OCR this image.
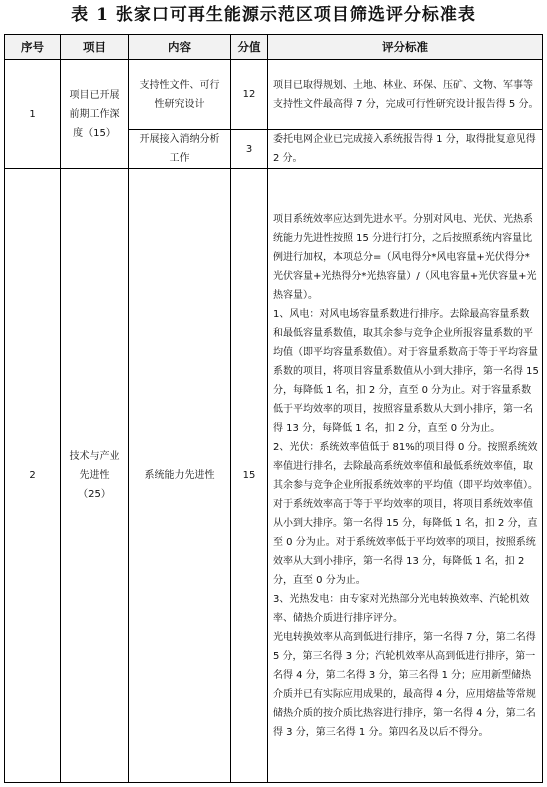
表 1 张家口可再生能源示范区项目筛选评分标准表
序号	项目	内容	分值	评分标准
1	项目已开展前期工作深度（15）	支持性文件、可行性研究设计	12	项目已取得规划、土地、林业、环保、压矿、文物、军事等支持性文件最高得 7 分，完成可行性研究设计报告得 5 分。
		开展接入消纳分析工作	3	委托电网企业已完成接入系统报告得 1 分，取得批复意见得 2 分。
2	技术与产业先进性（25）	系统能力先进性	15	项目系统效率应达到先进水平。分别对风电、光伏、光热系统能力先进性按照 15 分进行打分，之后按照系统内容量比例进行加权，本项总分=（风电得分*风电容量+光伏得分*光伏容量+光热得分*光热容量）/（风电容量+光伏容量+光热容量）。

1、风电：对风电场容量系数进行排序。去除最高容量系数和最低容量系数值，取其余参与竞争企业所报容量系数的平均值（即平均容量系数值）。对于容量系数高于等于平均容量系数的项目，将项目容量系数值从小到大排序，第一名得 15 分，每降低 1 名，扣 2 分，直至 0 分为止。对于容量系数低于平均效率的项目，按照容量系数从大到小排序，第一名得 13 分，每降低 1 名，扣 2 分，直至 0 分为止。

2、光伏：系统效率值低于 81%的项目得 0 分。按照系统效率值进行排名，去除最高系统效率值和最低系统效率值，取其余参与竞争企业所报系统效率的平均值（即平均效率值）。对于系统效率高于等于平均效率的项目，将项目系统效率值从小到大排序。第一名得 15 分，每降低 1 名，扣 2 分，直至 0 分为止。对于系统效率低于平均效率的项目，按照系统效率从大到小排序，第一名得 13 分，每降低 1 名，扣 2 分，直至 0 分为止。

3、光热发电：由专家对光热部分光电转换效率、汽轮机效率、储热介质进行排序评分。

光电转换效率从高到低进行排序，第一名得 7 分，第二名得 5 分，第三名得 3 分；汽轮机效率从高到低进行排序，第一名得 4 分，第二名得 3 分，第三名得 1 分；应用新型储热介质并已有实际应用成果的，最高得 4 分，应用熔盐等常规储热介质的按介质比热容进行排序，第一名得 4 分，第二名得 3 分，第三名得 1 分。第四名及以后不得分。
